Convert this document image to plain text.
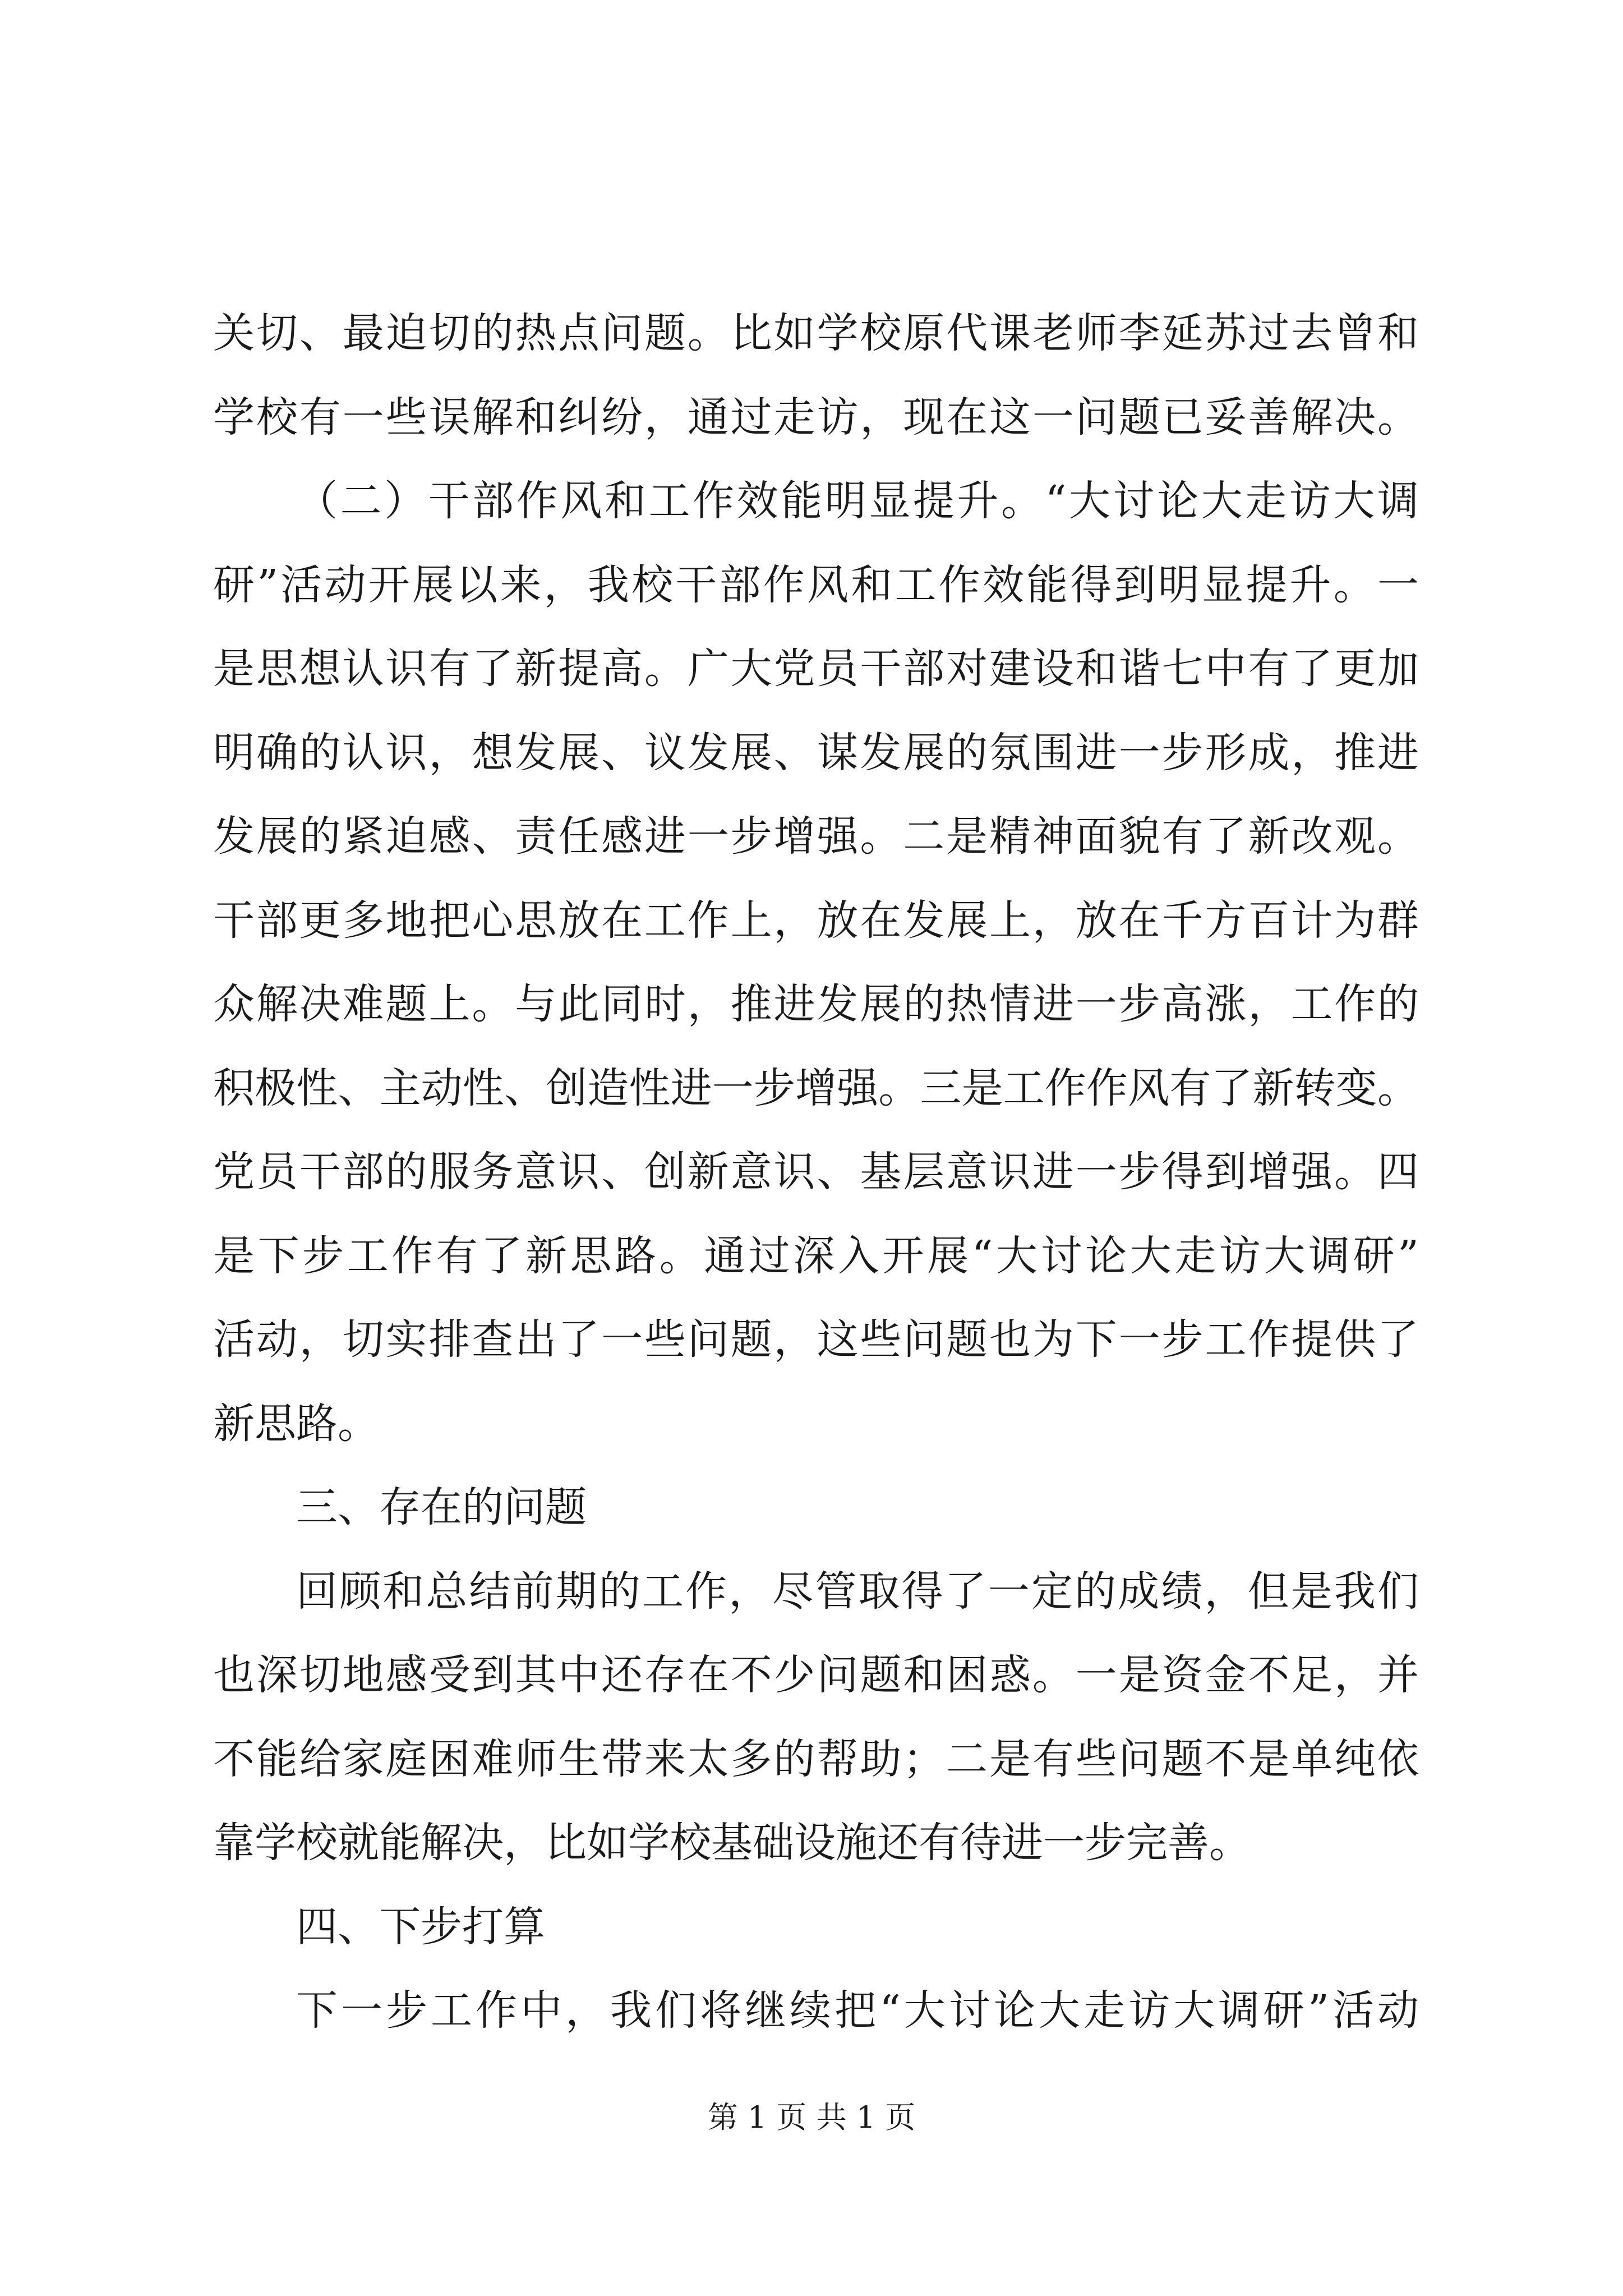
关切、最迫切的热点问题。比如学校原代课老师李延苏过去曾和
学校有一些误解和纠纷，通过走访，现在这一问题已妥善解决。
（二）干部作风和工作效能明显提升。“大讨论大走访大调
研”活动开展以来，我校干部作风和工作效能得到明显提升。一
是思想认识有了新提高。广大党员干部对建设和谐七中有了更加
明确的认识，想发展、议发展、谋发展的氛围进一步形成，推进
发展的紧迫感、责任感进一步增强。二是精神面貌有了新改观。
干部更多地把心思放在工作上，放在发展上，放在千方百计为群
众解决难题上。与此同时，推进发展的热情进一步高涨，工作的
积极性、主动性、创造性进一步增强。三是工作作风有了新转变。
党员干部的服务意识、创新意识、基层意识进一步得到增强。四
是下步工作有了新思路。通过深入开展“大讨论大走访大调研”
活动，切实排查出了一些问题，这些问题也为下一步工作提供了
新思路。
三、存在的问题
回顾和总结前期的工作，尽管取得了一定的成绩，但是我们
也深切地感受到其中还存在不少问题和困惑。一是资金不足，并
不能给家庭困难师生带来太多的帮助；二是有些问题不是单纯依
靠学校就能解决，比如学校基础设施还有待进一步完善。
四、下步打算
下一步工作中，我们将继续把“大讨论大走访大调研”活动
第 1 页 共 1 页
